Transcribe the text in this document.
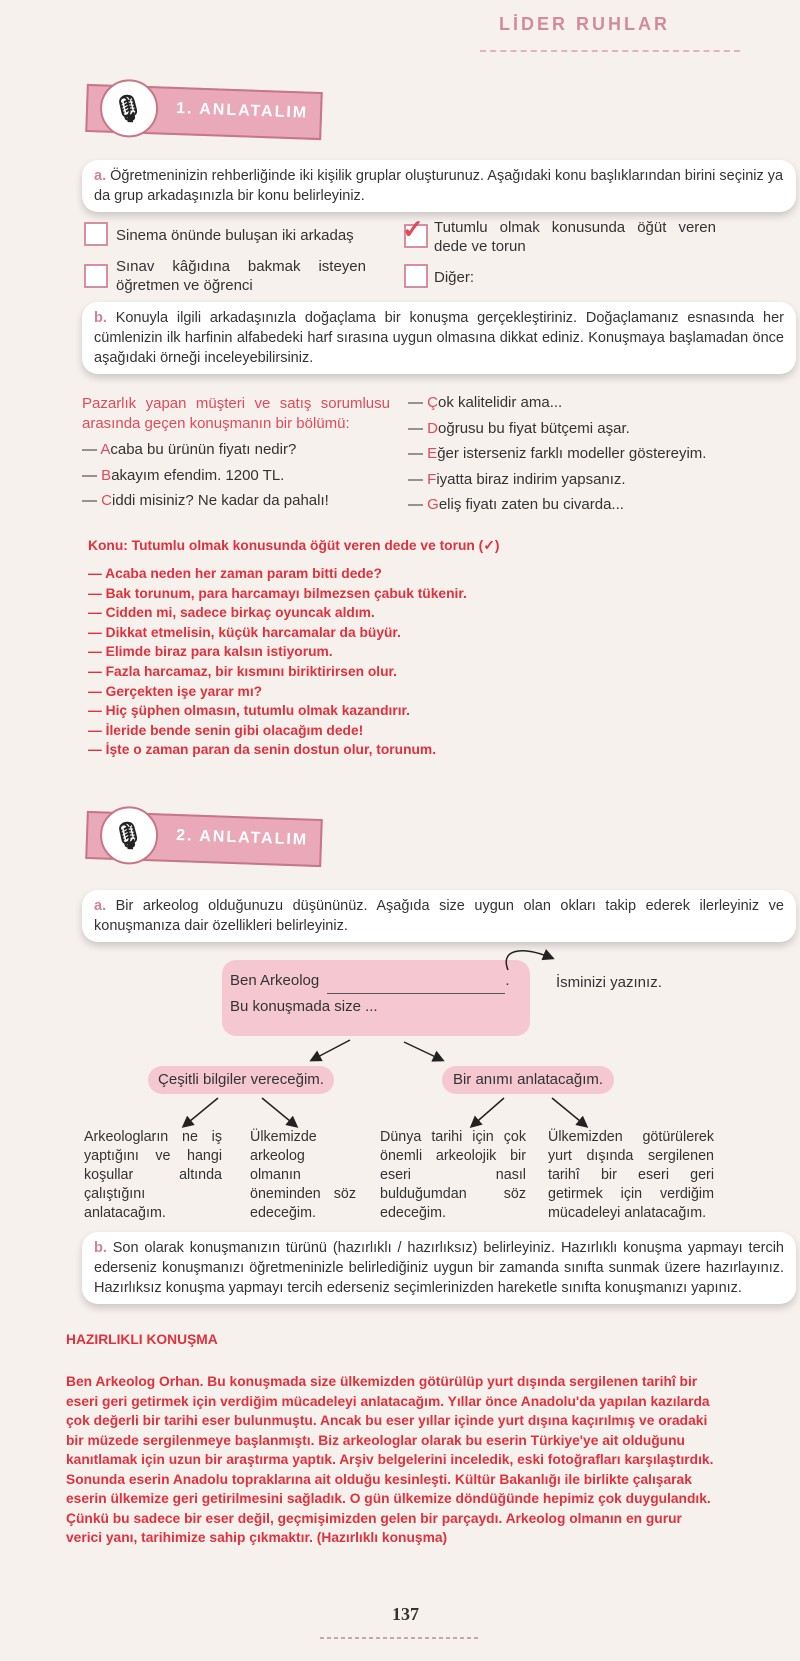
LİDER RUHLAR
🎙	1. ANLATALIM
a. Öğretmeninizin rehberliğinde iki kişilik gruplar oluşturunuz. Aşağıdaki konu başlıklarından birini seçiniz ya da grup arkadaşınızla bir konu belirleyiniz.
Sinema önünde buluşan iki arkadaş
Sınav kâğıdına bakmak isteyen öğretmen ve öğrenci
✓ Tutumlu olmak konusunda öğüt veren dede ve torun
Diğer:
b. Konuyla ilgili arkadaşınızla doğaçlama bir konuşma gerçekleştiriniz. Doğaçlamanız esnasında her cümlenizin ilk harfinin alfabedeki harf sırasına uygun olmasına dikkat ediniz. Konuşmaya başlamadan önce aşağıdaki örneği inceleyebilirsiniz.
Pazarlık yapan müşteri ve satış sorumlusu arasında geçen konuşmanın bir bölümü:
— Acaba bu ürünün fiyatı nedir?
— Bakayım efendim. 1200 TL.
— Ciddi misiniz? Ne kadar da pahalı!
— Çok kalitelidir ama...
— Doğrusu bu fiyat bütçemi aşar.
— Eğer isterseniz farklı modeller göstereyim.
— Fiyatta biraz indirim yapsanız.
— Geliş fiyatı zaten bu civarda...
Konu: Tutumlu olmak konusunda öğüt veren dede ve torun (✓)
— Acaba neden her zaman param bitti dede?
— Bak torunum, para harcamayı bilmezsen çabuk tükenir.
— Cidden mi, sadece birkaç oyuncak aldım.
— Dikkat etmelisin, küçük harcamalar da büyür.
— Elimde biraz para kalsın istiyorum.
— Fazla harcamaz, bir kısmını biriktirirsen olur.
— Gerçekten işe yarar mı?
— Hiç şüphen olmasın, tutumlu olmak kazandırır.
— İleride bende senin gibi olacağım dede!
— İşte o zaman paran da senin dostun olur, torunum.
🎙	2. ANLATALIM
a. Bir arkeolog olduğunuzu düşününüz. Aşağıda size uygun olan okları takip ederek ilerleyiniz ve konuşmanıza dair özellikleri belirleyiniz.
Ben Arkeolog	.
Bu konuşmada size ...
İsminizi yazınız.
Çeşitli bilgiler vereceğim.	Bir anımı anlatacağım.
Arkeologların ne iş yaptığını ve hangi koşullar altında çalıştığını anlatacağım.
Ülkemizde arkeolog olmanın öneminden söz edeceğim.
Dünya tarihi için çok önemli arkeolojik bir eseri nasıl bulduğumdan söz edeceğim.
Ülkemizden götürülerek yurt dışında sergilenen tarihî bir eseri geri getirmek için verdiğim mücadeleyi anlatacağım.
b. Son olarak konuşmanızın türünü (hazırlıklı / hazırlıksız) belirleyiniz. Hazırlıklı konuşma yapmayı tercih ederseniz konuşmanızı öğretmeninizle belirlediğiniz uygun bir zamanda sınıfta sunmak üzere hazırlayınız. Hazırlıksız konuşma yapmayı tercih ederseniz seçimlerinizden hareketle sınıfta konuşmanızı yapınız.
HAZIRLIKLI KONUŞMA
Ben Arkeolog Orhan. Bu konuşmada size ülkemizden götürülüp yurt dışında sergilenen tarihî bir eseri geri getirmek için verdiğim mücadeleyi anlatacağım. Yıllar önce Anadolu'da yapılan kazılarda çok değerli bir tarihi eser bulunmuştu. Ancak bu eser yıllar içinde yurt dışına kaçırılmış ve oradaki bir müzede sergilenmeye başlanmıştı. Biz arkeologlar olarak bu eserin Türkiye'ye ait olduğunu kanıtlamak için uzun bir araştırma yaptık. Arşiv belgelerini inceledik, eski fotoğrafları karşılaştırdık. Sonunda eserin Anadolu topraklarına ait olduğu kesinleşti. Kültür Bakanlığı ile birlikte çalışarak eserin ülkemize geri getirilmesini sağladık. O gün ülkemize döndüğünde hepimiz çok duygulandık. Çünkü bu sadece bir eser değil, geçmişimizden gelen bir parçaydı. Arkeolog olmanın en gurur verici yanı, tarihimize sahip çıkmaktır. (Hazırlıklı konuşma)
137
